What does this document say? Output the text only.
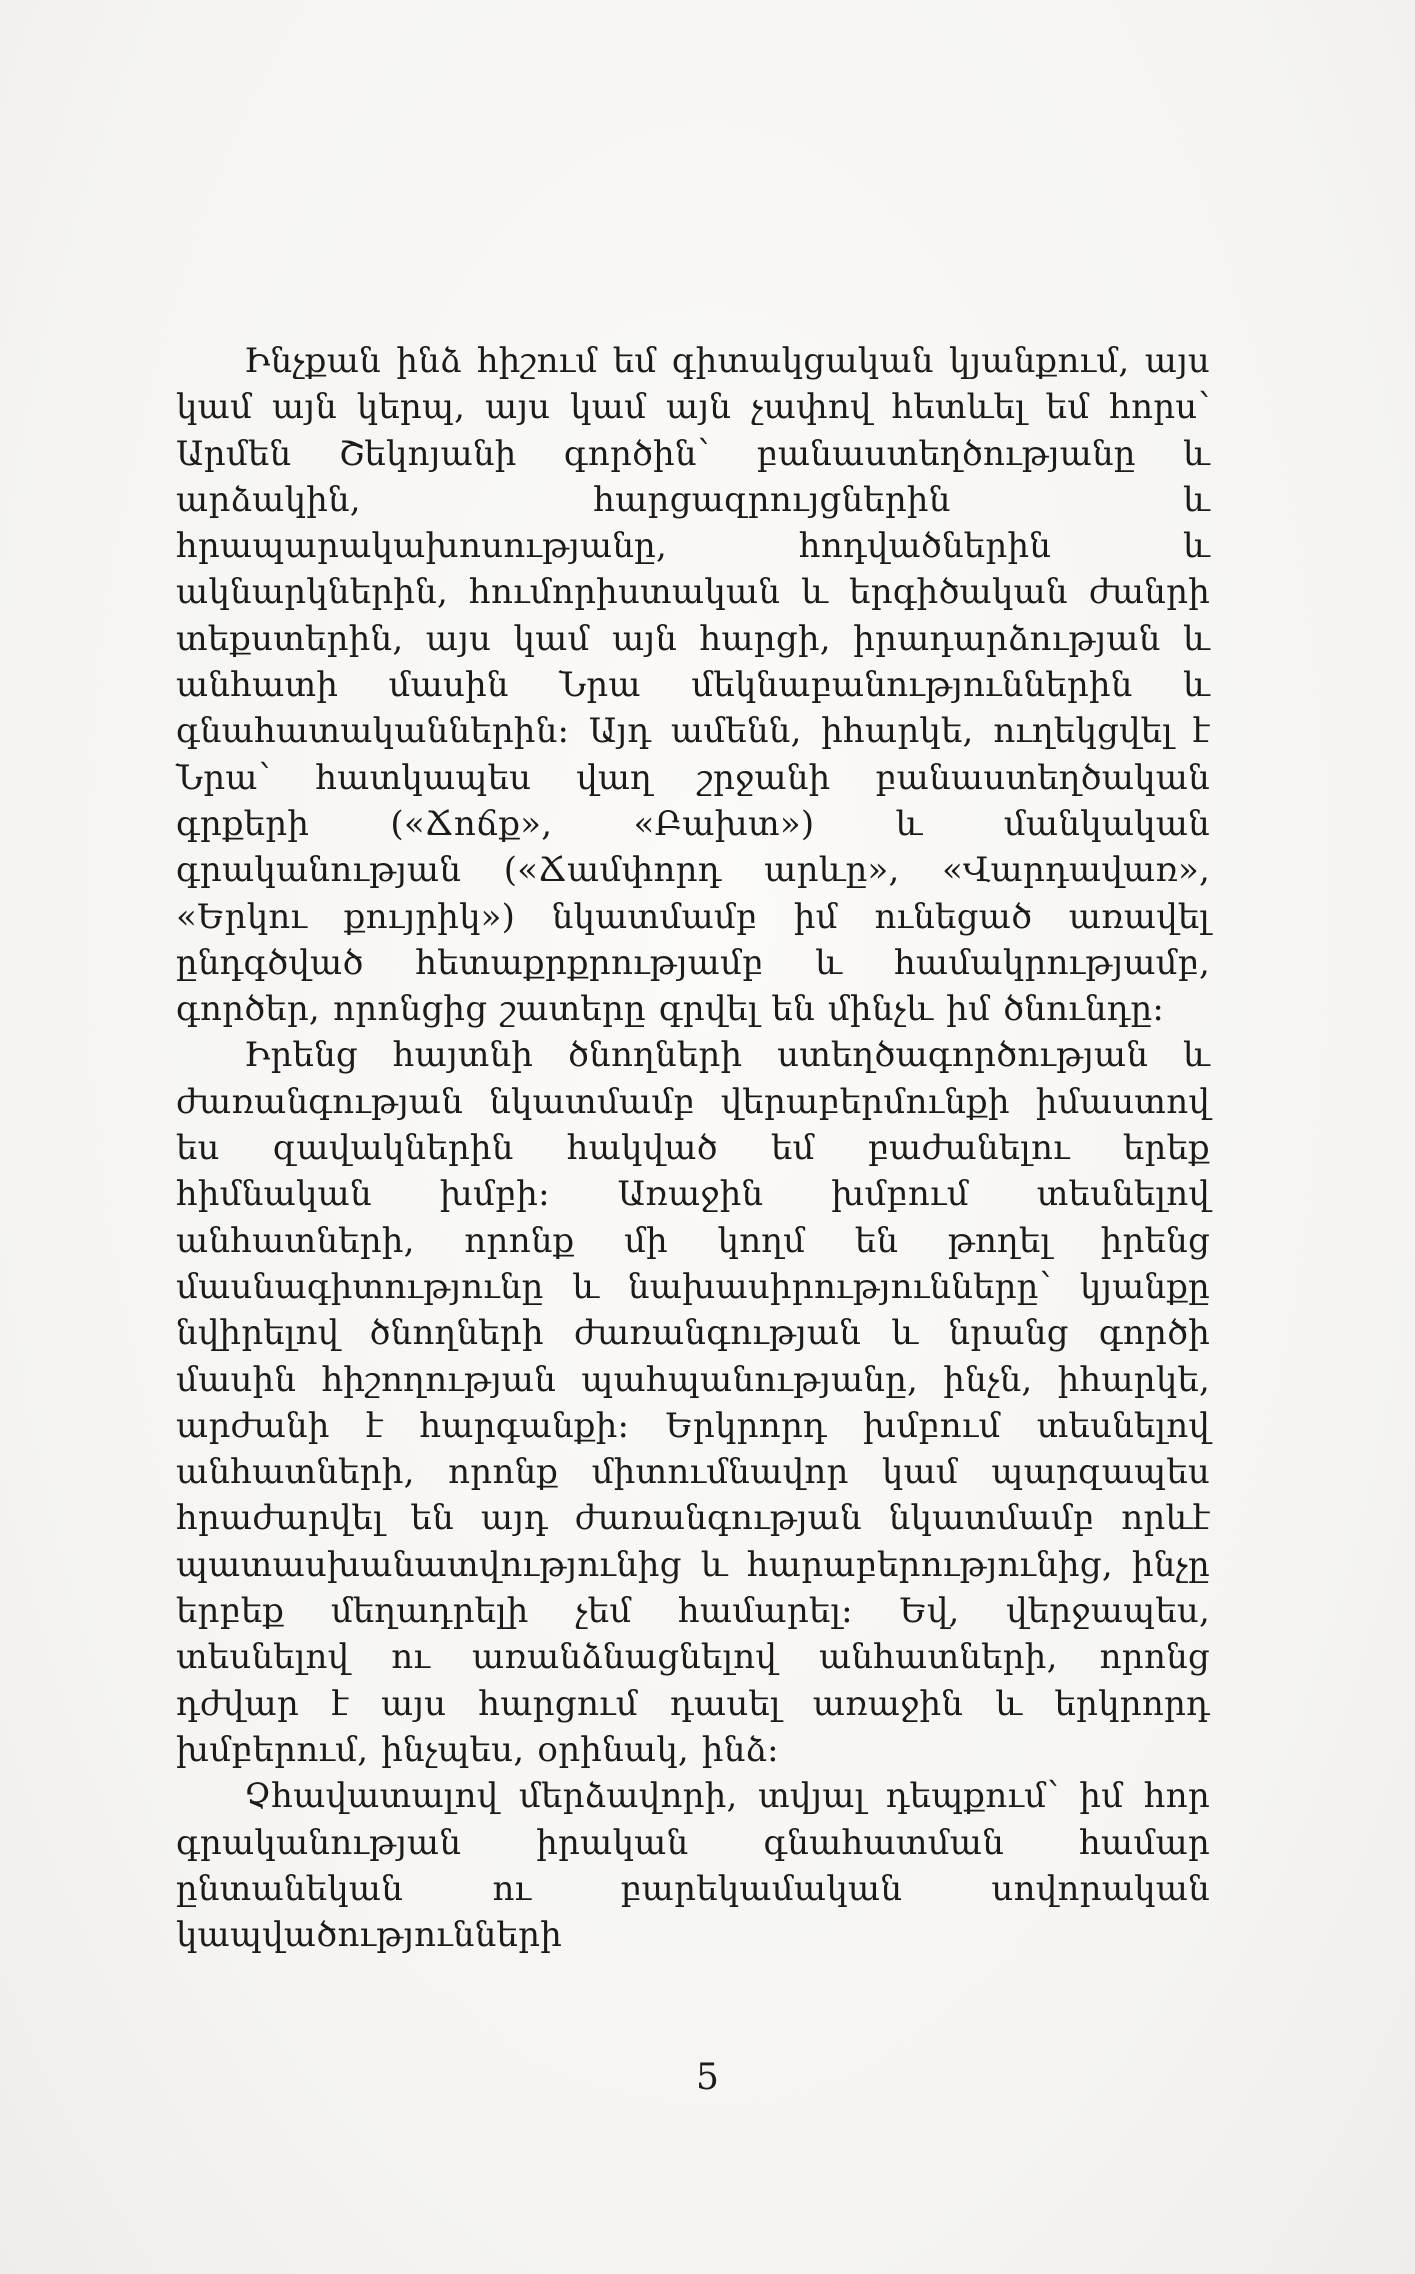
Ինչքան ինձ հիշում եմ գիտակցական կյանքում, այս կամ այն կերպ, այս կամ այն չափով հետևել եմ հորս՝ Արմեն Շեկոյանի գործին՝ բանաստեղծությանը և արձակին, հարցազրույցներին և հրապարակախոսությանը, հոդվածներին և ակնարկներին, հումորիստական և երգիծական ժանրի տեքստերին, այս կամ այն հարցի, իրադարձության և անհատի մասին Նրա մեկնաբանություններին և գնահատականներին: Այդ ամենն, իհարկե, ուղեկցվել է Նրա՝ հատկապես վաղ շրջանի բանաստեղծական գրքերի («Ճոճք», «Բախտ») և մանկական գրականության («Ճամփորդ արևը», «Վարդավառ», «Երկու քույրիկ») նկատմամբ իմ ունեցած առավել ընդգծված հետաքրքրությամբ և համակրությամբ, գործեր, որոնցից շատերը գրվել են մինչև իմ ծնունդը:

Իրենց հայտնի ծնողների ստեղծագործության և ժառանգության նկատմամբ վերաբերմունքի իմաստով ես զավակներին հակված եմ բաժանելու երեք հիմնական խմբի: Առաջին խմբում տեսնելով անհատների, որոնք մի կողմ են թողել իրենց մասնագիտությունը և նախասիրությունները՝ կյանքը նվիրելով ծնողների ժառանգության և նրանց գործի մասին հիշողության պահպանությանը, ինչն, իհարկե, արժանի է հարգանքի: Երկրորդ խմբում տեսնելով անհատների, որոնք միտումնավոր կամ պարզապես հրաժարվել են այդ ժառանգության նկատմամբ որևէ պատասխանատվությունից և հարաբերությունից, ինչը երբեք մեղադրելի չեմ համարել: Եվ, վերջապես, տեսնելով ու առանձնացնելով անհատների, որոնց դժվար է այս հարցում դասել առաջին և երկրորդ խմբերում, ինչպես, օրինակ, ինձ:

Չհավատալով մերձավորի, տվյալ դեպքում՝ իմ հոր գրականության իրական գնահատման համար ընտանեկան ու բարեկամական սովորական կապվածությունների

5
